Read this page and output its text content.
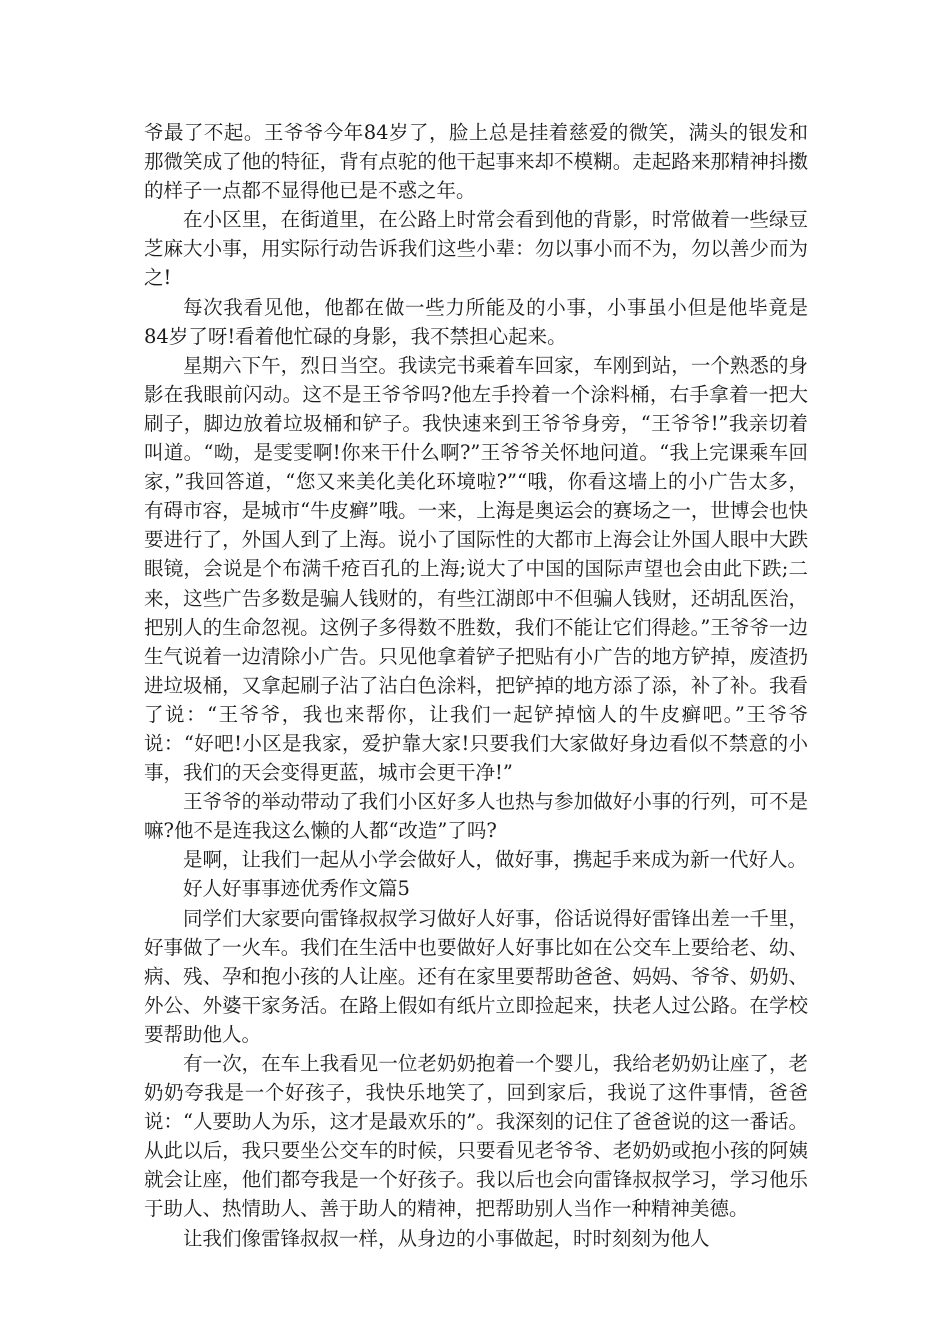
爷最了不起。王爷爷今年84岁了，脸上总是挂着慈爱的微笑，满头的银发和那微笑成了他的特征，背有点驼的他干起事来却不模糊。走起路来那精神抖擞的样子一点都不显得他已是不惑之年。

在小区里，在街道里，在公路上时常会看到他的背影，时常做着一些绿豆芝麻大小事，用实际行动告诉我们这些小辈：勿以事小而不为，勿以善少而为之!

每次我看见他，他都在做一些力所能及的小事，小事虽小但是他毕竟是84岁了呀!看着他忙碌的身影，我不禁担心起来。

星期六下午，烈日当空。我读完书乘着车回家，车刚到站，一个熟悉的身影在我眼前闪动。这不是王爷爷吗?他左手拎着一个涂料桶，右手拿着一把大刷子，脚边放着垃圾桶和铲子。我快速来到王爷爷身旁，“王爷爷!”我亲切着叫道。“呦，是雯雯啊!你来干什么啊?”王爷爷关怀地问道。“我上完课乘车回家，”我回答道，“您又来美化美化环境啦?”“哦，你看这墙上的小广告太多，有碍市容，是城市“牛皮癣”哦。一来，上海是奥运会的赛场之一，世博会也快要进行了，外国人到了上海。说小了国际性的大都市上海会让外国人眼中大跌眼镜，会说是个布满千疮百孔的上海;说大了中国的国际声望也会由此下跌;二来，这些广告多数是骗人钱财的，有些江湖郎中不但骗人钱财，还胡乱医治，把别人的生命忽视。这例子多得数不胜数，我们不能让它们得趁。”王爷爷一边生气说着一边清除小广告。只见他拿着铲子把贴有小广告的地方铲掉，废渣扔进垃圾桶，又拿起刷子沾了沾白色涂料，把铲掉的地方添了添，补了补。我看了说：“王爷爷，我也来帮你，让我们一起铲掉恼人的牛皮癣吧。”王爷爷说：“好吧!小区是我家，爱护靠大家!只要我们大家做好身边看似不禁意的小事，我们的天会变得更蓝，城市会更干净!”

王爷爷的举动带动了我们小区好多人也热与参加做好小事的行列，可不是嘛?他不是连我这么懒的人都“改造”了吗?

是啊，让我们一起从小学会做好人，做好事，携起手来成为新一代好人。

好人好事事迹优秀作文篇5

同学们大家要向雷锋叔叔学习做好人好事，俗话说得好雷锋出差一千里，好事做了一火车。我们在生活中也要做好人好事比如在公交车上要给老、幼、病、残、孕和抱小孩的人让座。还有在家里要帮助爸爸、妈妈、爷爷、奶奶、外公、外婆干家务活。在路上假如有纸片立即捡起来，扶老人过公路。在学校要帮助他人。

有一次，在车上我看见一位老奶奶抱着一个婴儿，我给老奶奶让座了，老奶奶夸我是一个好孩子，我快乐地笑了，回到家后，我说了这件事情，爸爸说：“人要助人为乐，这才是最欢乐的”。我深刻的记住了爸爸说的这一番话。从此以后，我只要坐公交车的时候，只要看见老爷爷、老奶奶或抱小孩的阿姨就会让座，他们都夸我是一个好孩子。我以后也会向雷锋叔叔学习，学习他乐于助人、热情助人、善于助人的精神，把帮助别人当作一种精神美德。

让我们像雷锋叔叔一样，从身边的小事做起，时时刻刻为他人
